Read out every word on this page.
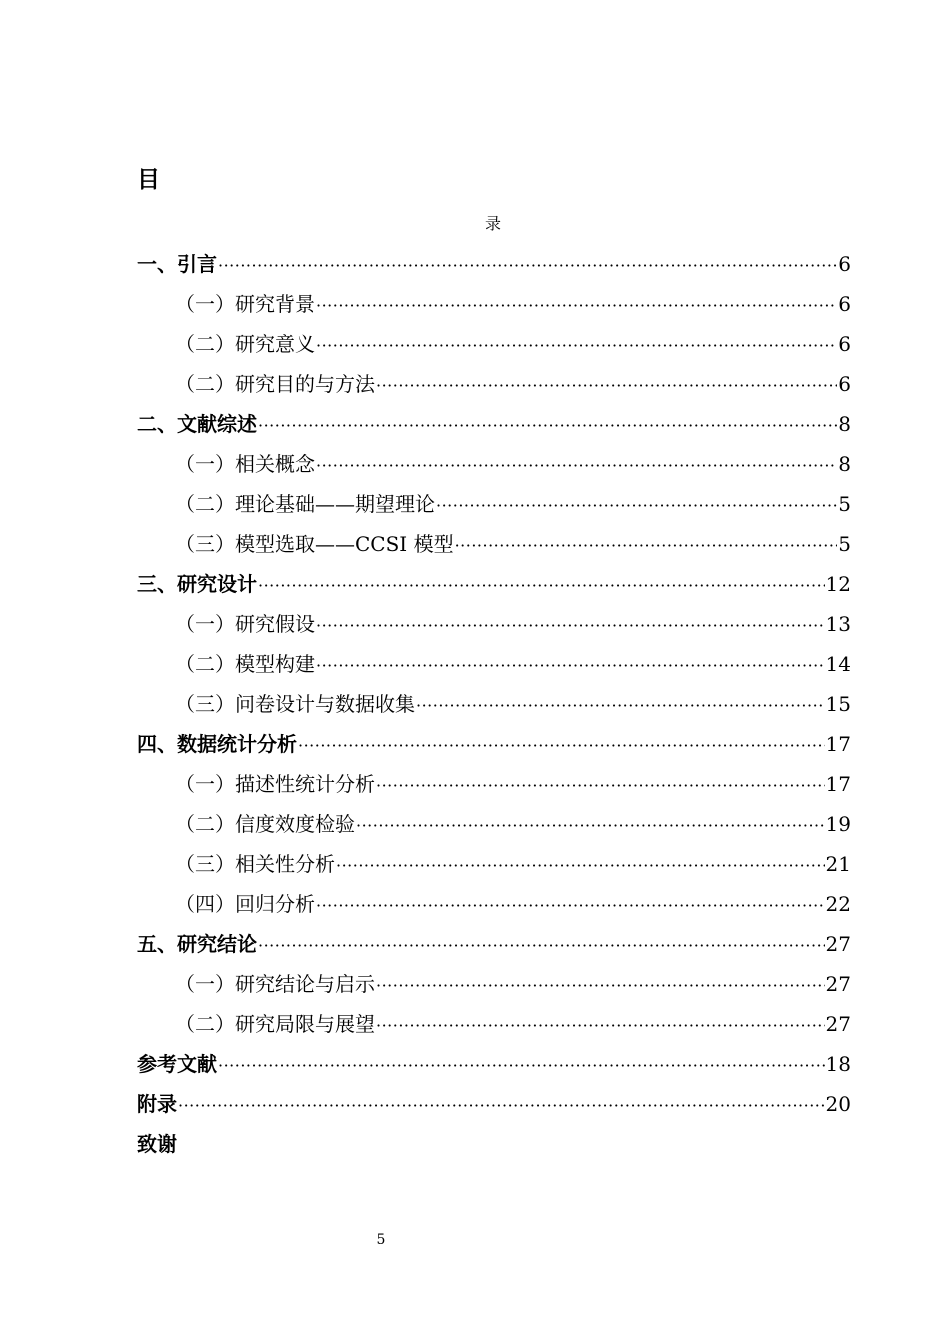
目
录
一、引言 ·····	6
（一）研究背景 ·····	6
（二）研究意义 ·····	6
（二）研究目的与方法 ·····	6
二、文献综述 ·····	8
（一）相关概念 ·····	8
（二）理论基础——期望理论 ·····	5
（三）模型选取——CCSI 模型 ·····	5
三、研究设计 ·····	12
（一）研究假设 ·····	13
（二）模型构建 ·····	14
（三）问卷设计与数据收集 ·····	15
四、数据统计分析 ·····	17
（一）描述性统计分析 ·····	17
（二）信度效度检验 ·····	19
（三）相关性分析 ·····	21
（四）回归分析 ·····	22
五、研究结论 ·····	27
（一）研究结论与启示 ·····	27
（二）研究局限与展望 ·····	27
参考文献 ·····	18
附录 ·····	20
致谢
5
